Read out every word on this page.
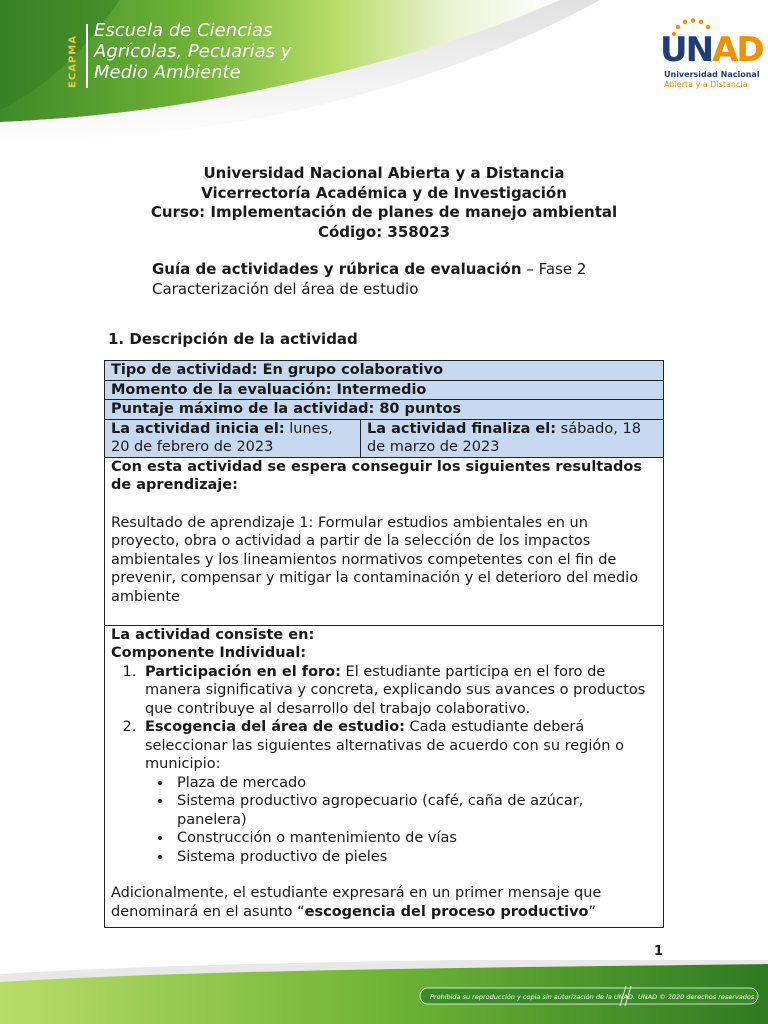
ECAPMA
Escuela de Ciencias
Agrícolas, Pecuarias y
Medio Ambiente
UNAD
Universidad Nacional
Abierta y a Distancia
Universidad Nacional Abierta y a Distancia
Vicerrectoría Académica y de Investigación
Curso: Implementación de planes de manejo ambiental
Código: 358023
Guía de actividades y rúbrica de evaluación – Fase 2
Caracterización del área de estudio
1. Descripción de la actividad
Tipo de actividad: En grupo colaborativo
Momento de la evaluación: Intermedio
Puntaje máximo de la actividad: 80 puntos
La actividad inicia el: lunes, 20 de febrero de 2023	La actividad finaliza el: sábado, 18 de marzo de 2023

Con esta actividad se espera conseguir los siguientes resultados de aprendizaje:

Resultado de aprendizaje 1: Formular estudios ambientales en un proyecto, obra o actividad a partir de la selección de los impactos ambientales y los lineamientos normativos competentes con el fin de prevenir, compensar y mitigar la contaminación y el deterioro del medio ambiente

La actividad consiste en:
Componente Individual:
1. Participación en el foro: El estudiante participa en el foro de manera significativa y concreta, explicando sus avances o productos que contribuye al desarrollo del trabajo colaborativo.
2. Escogencia del área de estudio: Cada estudiante deberá seleccionar las siguientes alternativas de acuerdo con su región o municipio:
• Plaza de mercado
• Sistema productivo agropecuario (café, caña de azúcar, panelera)
• Construcción o mantenimiento de vías
• Sistema productivo de pieles
Adicionalmente, el estudiante expresará en un primer mensaje que denominará en el asunto “escogencia del proceso productivo”
1
Prohibida su reproducción y copia sin autorización de la UNAD. UNAD © 2020 derechos reservados.
